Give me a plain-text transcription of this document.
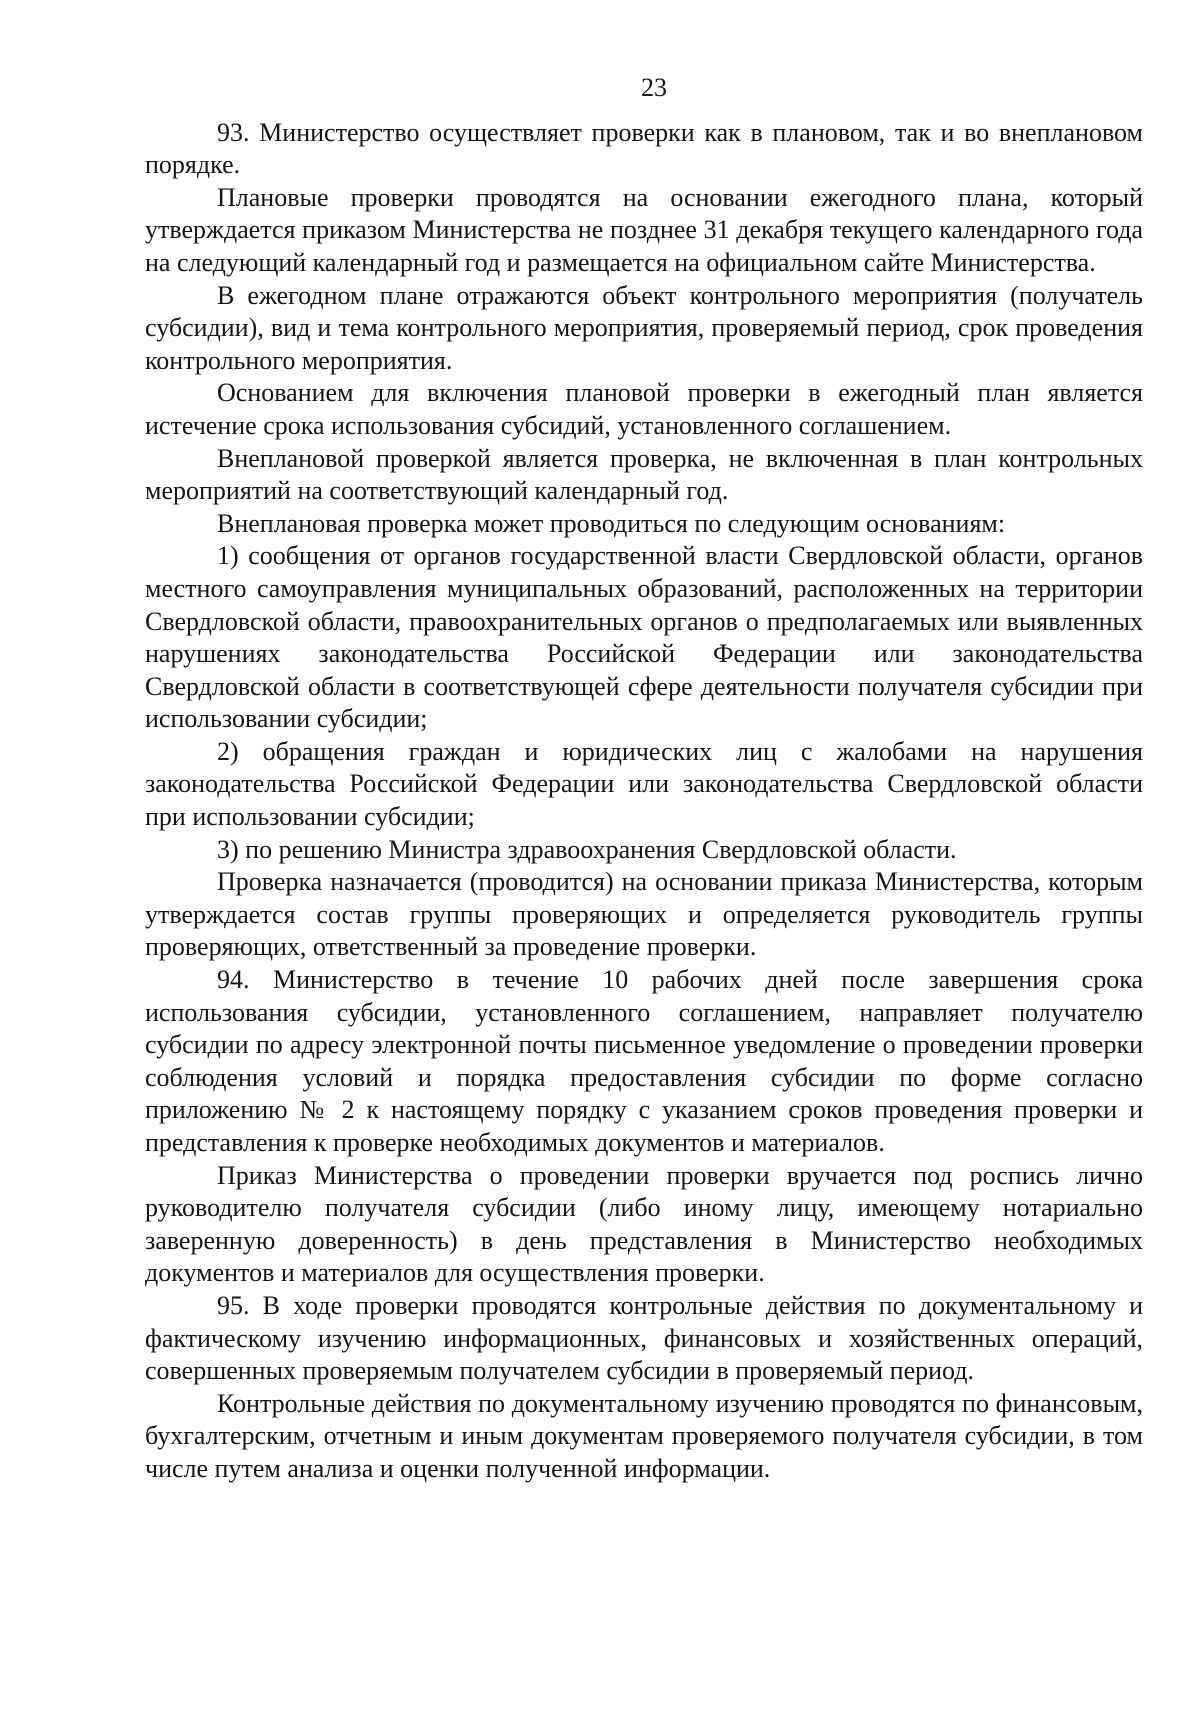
23

93. Министерство осуществляет проверки как в плановом, так и во внеплановом порядке.

Плановые проверки проводятся на основании ежегодного плана, который утверждается приказом Министерства не позднее 31 декабря текущего календарного года на следующий календарный год и размещается на официальном сайте Министерства.

В ежегодном плане отражаются объект контрольного мероприятия (получатель субсидии), вид и тема контрольного мероприятия, проверяемый период, срок проведения контрольного мероприятия.

Основанием для включения плановой проверки в ежегодный план является истечение срока использования субсидий, установленного соглашением.

Внеплановой проверкой является проверка, не включенная в план контрольных мероприятий на соответствующий календарный год.

Внеплановая проверка может проводиться по следующим основаниям:

1) сообщения от органов государственной власти Свердловской области, органов местного самоуправления муниципальных образований, расположенных на территории Свердловской области, правоохранительных органов о предполагаемых или выявленных нарушениях законодательства Российской Федерации или законодательства Свердловской области в соответствующей сфере деятельности получателя субсидии при использовании субсидии;

2) обращения граждан и юридических лиц с жалобами на нарушения законодательства Российской Федерации или законодательства Свердловской области при использовании субсидии;

3) по решению Министра здравоохранения Свердловской области.

Проверка назначается (проводится) на основании приказа Министерства, которым утверждается состав группы проверяющих и определяется руководитель группы проверяющих, ответственный за проведение проверки.

94. Министерство в течение 10 рабочих дней после завершения срока использования субсидии, установленного соглашением, направляет получателю субсидии по адресу электронной почты письменное уведомление о проведении проверки соблюдения условий и порядка предоставления субсидии по форме согласно приложению № 2 к настоящему порядку с указанием сроков проведения проверки и представления к проверке необходимых документов и материалов.

Приказ Министерства о проведении проверки вручается под роспись лично руководителю получателя субсидии (либо иному лицу, имеющему нотариально заверенную доверенность) в день представления в Министерство необходимых документов и материалов для осуществления проверки.

95. В ходе проверки проводятся контрольные действия по документальному и фактическому изучению информационных, финансовых и хозяйственных операций, совершенных проверяемым получателем субсидии в проверяемый период.

Контрольные действия по документальному изучению проводятся по финансовым, бухгалтерским, отчетным и иным документам проверяемого получателя субсидии, в том числе путем анализа и оценки полученной информации.
